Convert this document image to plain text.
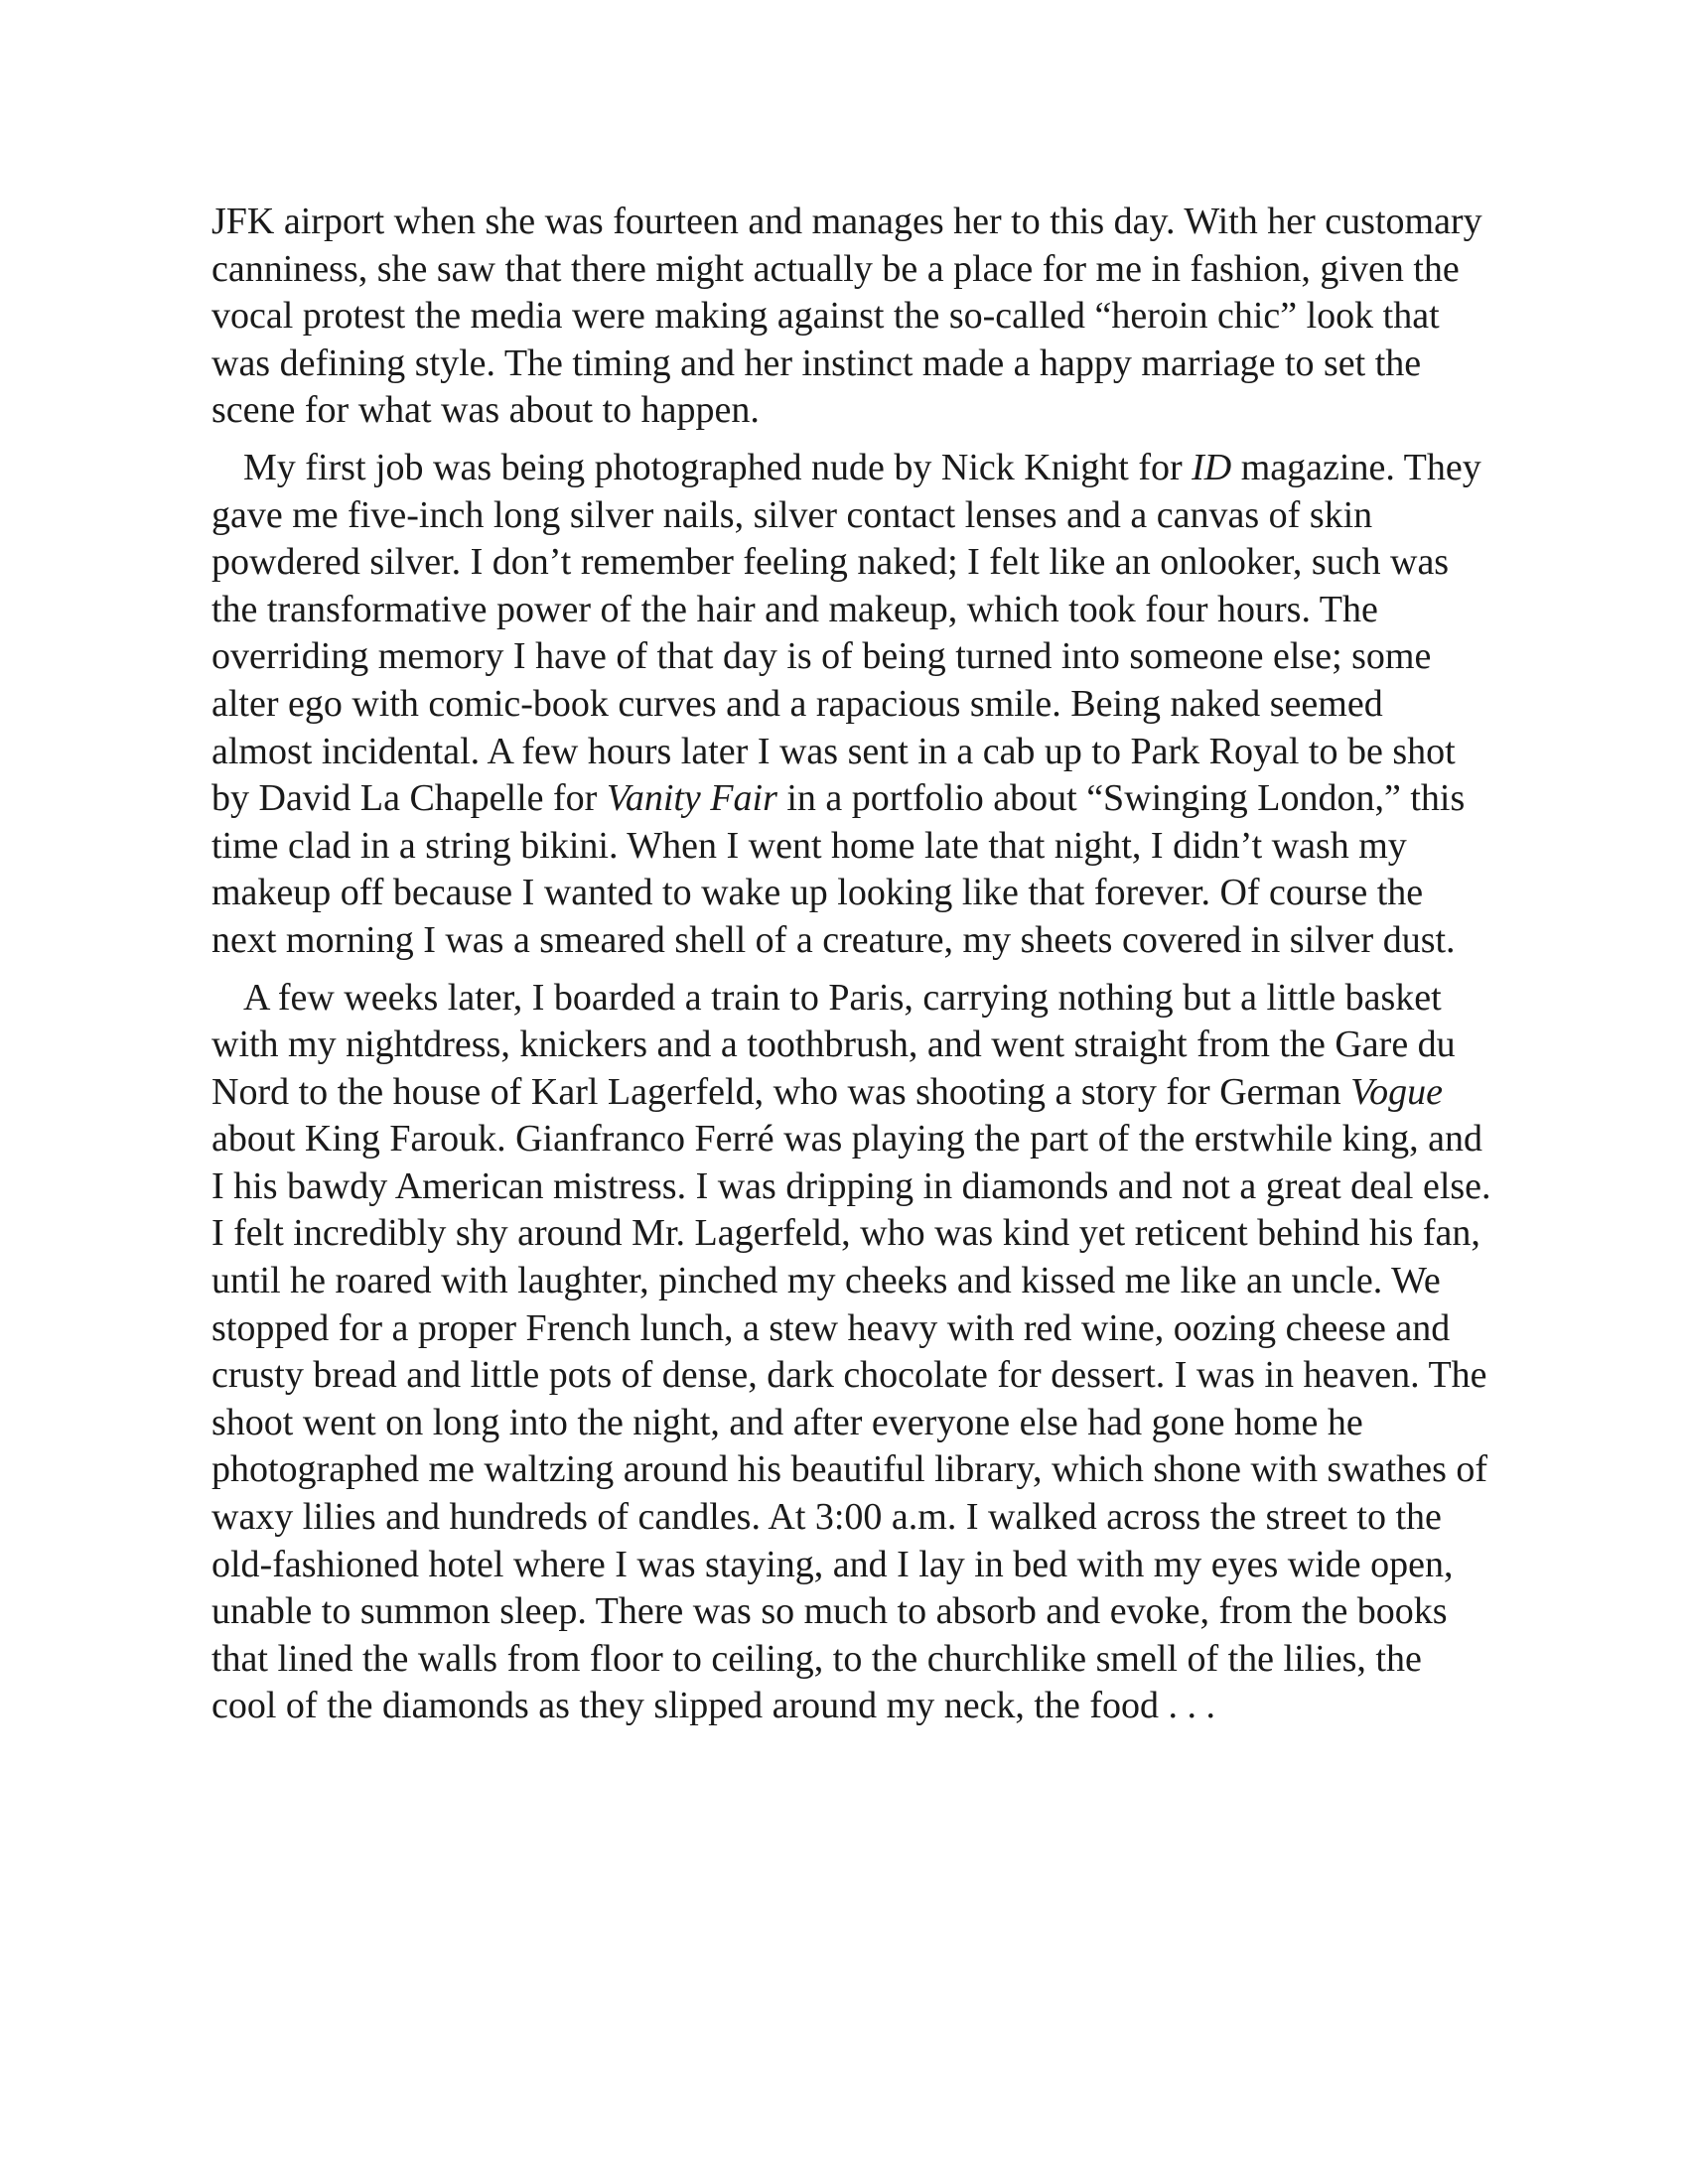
JFK airport when she was fourteen and manages her to this day. With her customary canniness, she saw that there might actually be a place for me in fashion, given the vocal protest the media were making against the so-called “heroin chic” look that was defining style. The timing and her instinct made a happy marriage to set the scene for what was about to happen.

My first job was being photographed nude by Nick Knight for ID magazine. They gave me five-inch long silver nails, silver contact lenses and a canvas of skin powdered silver. I don’t remember feeling naked; I felt like an onlooker, such was the transformative power of the hair and makeup, which took four hours. The overriding memory I have of that day is of being turned into someone else; some alter ego with comic-book curves and a rapacious smile. Being naked seemed almost incidental. A few hours later I was sent in a cab up to Park Royal to be shot by David La Chapelle for Vanity Fair in a portfolio about “Swinging London,” this time clad in a string bikini. When I went home late that night, I didn’t wash my makeup off because I wanted to wake up looking like that forever. Of course the next morning I was a smeared shell of a creature, my sheets covered in silver dust.

A few weeks later, I boarded a train to Paris, carrying nothing but a little basket with my nightdress, knickers and a toothbrush, and went straight from the Gare du Nord to the house of Karl Lagerfeld, who was shooting a story for German Vogue about King Farouk. Gianfranco Ferré was playing the part of the erstwhile king, and I his bawdy American mistress. I was dripping in diamonds and not a great deal else. I felt incredibly shy around Mr. Lagerfeld, who was kind yet reticent behind his fan, until he roared with laughter, pinched my cheeks and kissed me like an uncle. We stopped for a proper French lunch, a stew heavy with red wine, oozing cheese and crusty bread and little pots of dense, dark chocolate for dessert. I was in heaven. The shoot went on long into the night, and after everyone else had gone home he photographed me waltzing around his beautiful library, which shone with swathes of waxy lilies and hundreds of candles. At 3:00 a.m. I walked across the street to the old-fashioned hotel where I was staying, and I lay in bed with my eyes wide open, unable to summon sleep. There was so much to absorb and evoke, from the books that lined the walls from floor to ceiling, to the churchlike smell of the lilies, the cool of the diamonds as they slipped around my neck, the food . . .
